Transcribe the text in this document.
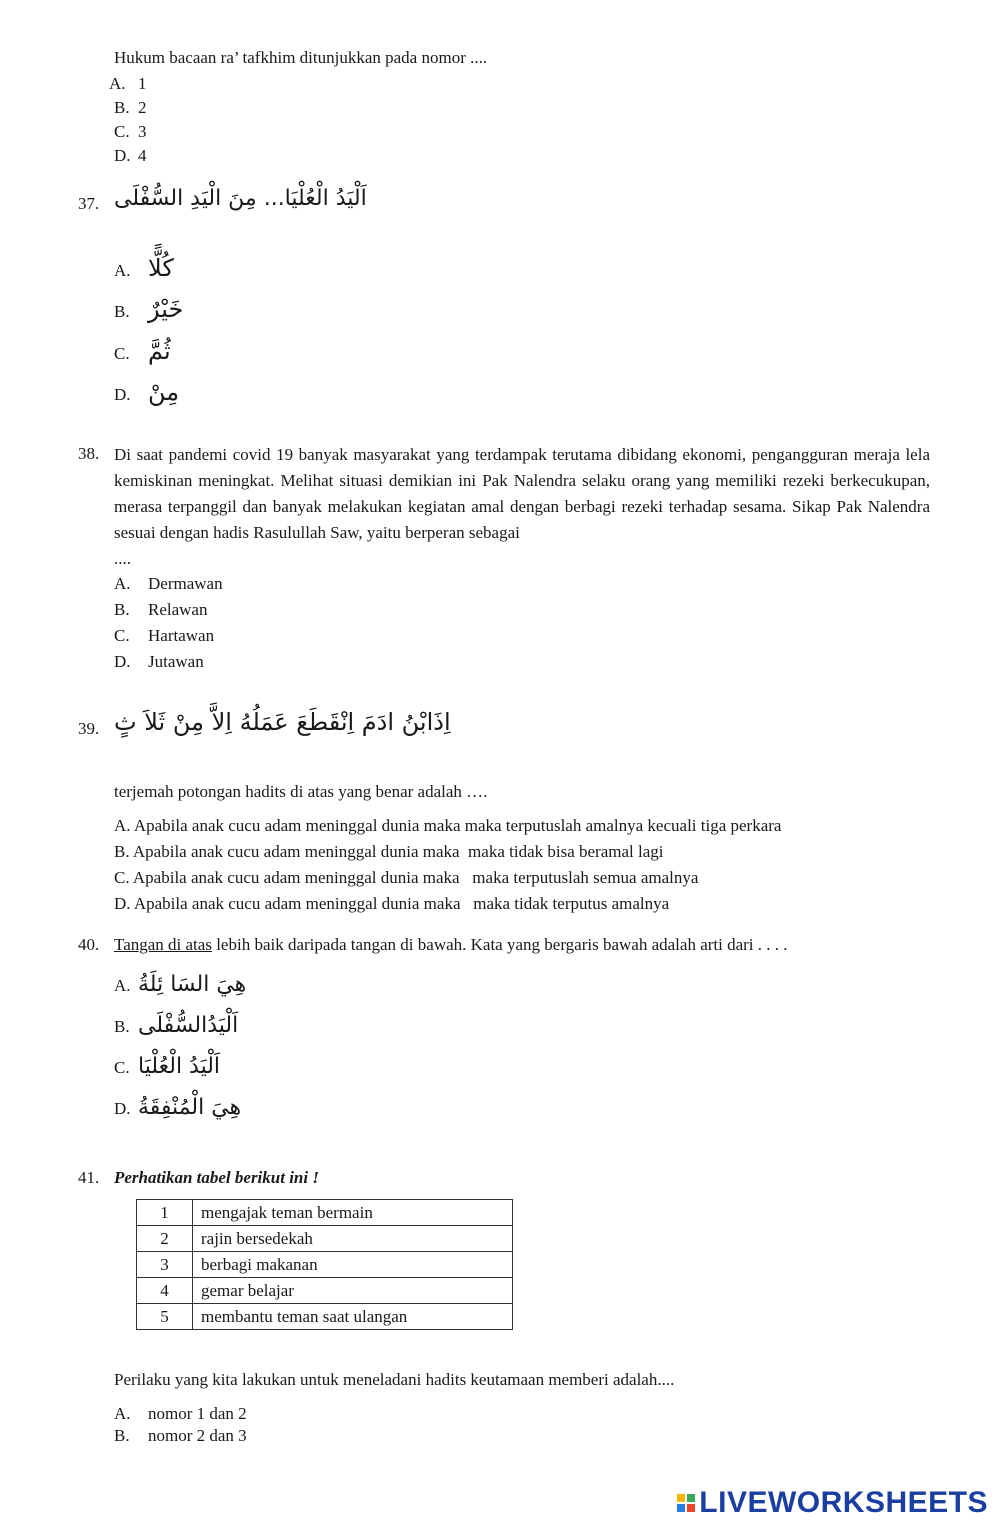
Hukum bacaan ra’ tafkhim ditunjukkan pada nomor ....
A. 1
B. 2
C. 3
D. 4
37. اَلْيَدُ الْعُلْيَا... مِنَ الْيَدِ السُّفْلَى
A. كُلًّا
B. خَيْرٌ
C. ثُمَّ
D. مِنْ
38. Di saat pandemi covid 19 banyak masyarakat yang terdampak terutama dibidang ekonomi, pengangguran meraja lela kemiskinan meningkat. Melihat situasi demikian ini Pak Nalendra selaku orang yang memiliki rezeki berkecukupan, merasa terpanggil dan banyak melakukan kegiatan amal dengan berbagi rezeki terhadap sesama. Sikap Pak Nalendra sesuai dengan hadis Rasulullah Saw, yaitu berperan sebagai
....
A. Dermawan
B. Relawan
C. Hartawan
D. Jutawan
39. اِذَابْنُ ادَمَ اِنْقَطَعَ عَمَلُهُ اِلاَّ مِنْ ثَلاَ ثٍ
terjemah potongan hadits di atas yang benar adalah ….
A. Apabila anak cucu adam meninggal dunia maka maka terputuslah amalnya kecuali tiga perkara
B. Apabila anak cucu adam meninggal dunia maka  maka tidak bisa beramal lagi
C. Apabila anak cucu adam meninggal dunia maka   maka terputuslah semua amalnya
D. Apabila anak cucu adam meninggal dunia maka   maka tidak terputus amalnya
40. Tangan di atas lebih baik daripada tangan di bawah. Kata yang bergaris bawah adalah arti dari . . . .
A. هِيَ السَا ئِلَةُ
B. اَلْيَدُالسُّفْلَى
C. اَلْيَدُ الْعُلْيَا
D. هِيَ الْمُنْفِقَةُ
41. Perhatikan tabel berikut ini !
1	mengajak teman bermain
2	rajin bersedekah
3	berbagi makanan
4	gemar belajar
5	membantu teman saat ulangan
Perilaku yang kita lakukan untuk meneladani hadits keutamaan memberi adalah....
A. nomor 1 dan 2
B. nomor 2 dan 3
LIVEWORKSHEETS
